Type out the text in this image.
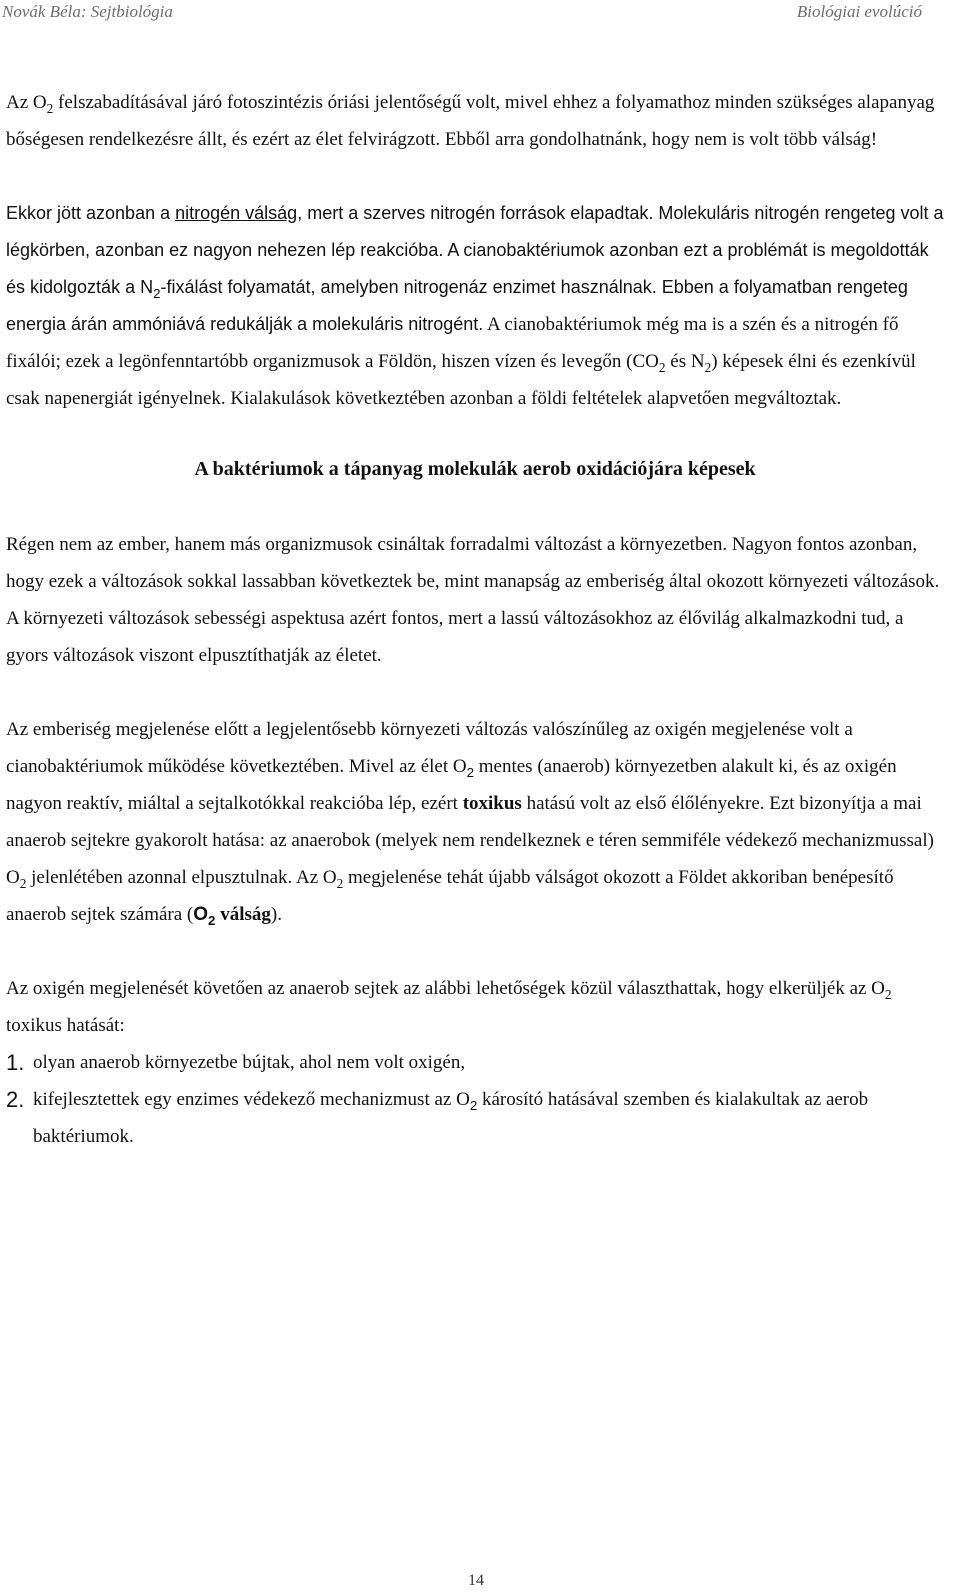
Novák Béla: Sejtbiológia	Biológiai evolúció

Az $O_2$ felszabadításával járó fotoszintézis óriási jelentőségű volt, mivel ehhez a folyamathoz minden szükséges alapanyag bőségesen rendelkezésre állt, és ezért az élet felvirágzott. Ebből arra gondolhatnánk, hogy nem is volt több válság!

Ekkor jött azonban a nitrogén válság, mert a szerves nitrogén források elapadtak. Molekuláris nitrogén rengeteg volt a légkörben, azonban ez nagyon nehezen lép reakcióba. A cianobaktériumok azonban ezt a problémát is megoldották és kidolgozták a $N_2$-fixálást folyamatát, amelyben nitrogenáz enzimet használnak. Ebben a folyamatban rengeteg energia árán ammóniává redukálják a molekuláris nitrogént. A cianobaktériumok még ma is a szén és a nitrogén fő fixálói; ezek a legönfenntartóbb organizmusok a Földön, hiszen vízen és levegőn ($CO_2$ és $N_2$) képesek élni és ezenkívül csak napenergiát igényelnek. Kialakulások következtében azonban a földi feltételek alapvetően megváltoztak.

A baktériumok a tápanyag molekulák aerob oxidációjára képesek

Régen nem az ember, hanem más organizmusok csináltak forradalmi változást a környezetben. Nagyon fontos azonban, hogy ezek a változások sokkal lassabban következtek be, mint manapság az emberiség által okozott környezeti változások. A környezeti változások sebességi aspektusa azért fontos, mert a lassú változásokhoz az élővilág alkalmazkodni tud, a gyors változások viszont elpusztíthatják az életet.

Az emberiség megjelenése előtt a legjelentősebb környezeti változás valószínűleg az oxigén megjelenése volt a cianobaktériumok működése következtében. Mivel az élet $O_2$ mentes (anaerob) környezetben alakult ki, és az oxigén nagyon reaktív, miáltal a sejtalkotókkal reakcióba lép, ezért toxikus hatású volt az első élőlényekre. Ezt bizonyítja a mai anaerob sejtekre gyakorolt hatása: az anaerobok (melyek nem rendelkeznek e téren semmiféle védekező mechanizmussal) $O_2$ jelenlétében azonnal elpusztulnak. Az $O_2$ megjelenése tehát újabb válságot okozott a Földet akkoriban benépesítő anaerob sejtek számára ($O_2$ válság).

Az oxigén megjelenését követően az anaerob sejtek az alábbi lehetőségek közül választhattak, hogy elkerüljék az $O_2$ toxikus hatását:

1. olyan anaerob környezetbe bújtak, ahol nem volt oxigén,
2. kifejlesztettek egy enzimes védekező mechanizmust az $O_2$ károsító hatásával szemben és kialakultak az aerob baktériumok.
14
